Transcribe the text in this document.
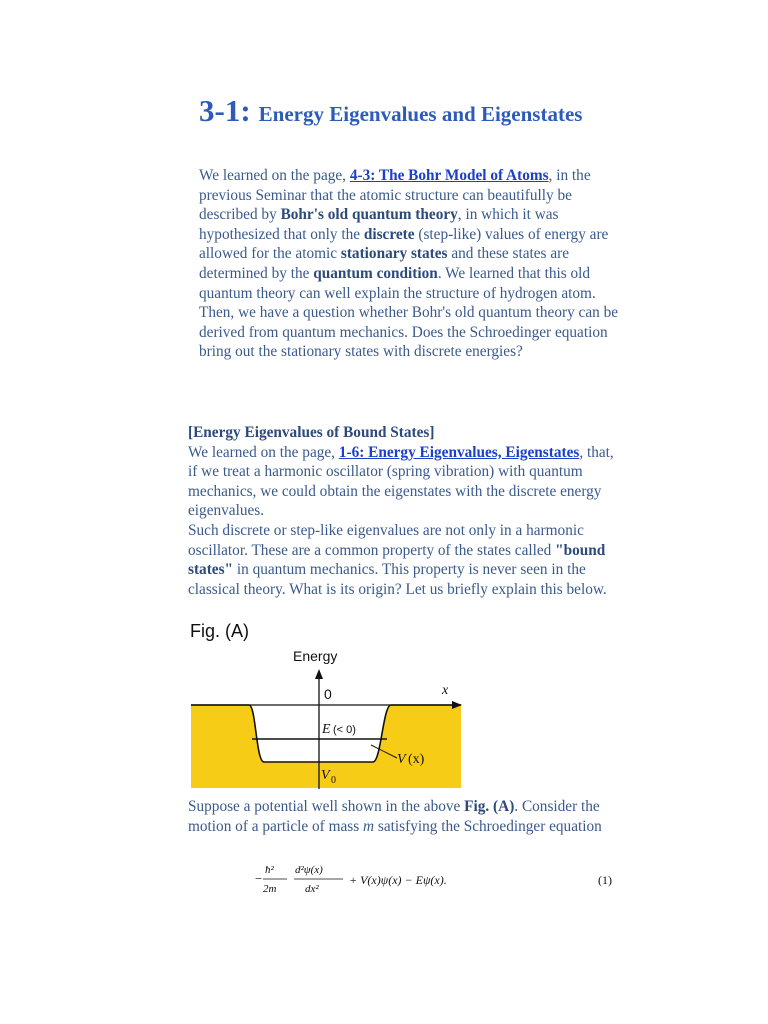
3-1: Energy Eigenvalues and Eigenstates

We learned on the page, 4-3: The Bohr Model of Atoms, in the previous Seminar that the atomic structure can beautifully be described by Bohr's old quantum theory, in which it was hypothesized that only the discrete (step-like) values of energy are allowed for the atomic stationary states and these states are determined by the quantum condition. We learned that this old quantum theory can well explain the structure of hydrogen atom.
Then, we have a question whether Bohr's old quantum theory can be derived from quantum mechanics. Does the Schroedinger equation bring out the stationary states with discrete energies?

[Energy Eigenvalues of Bound States]
We learned on the page, 1-6: Energy Eigenvalues, Eigenstates, that, if we treat a harmonic oscillator (spring vibration) with quantum mechanics, we could obtain the eigenstates with the discrete energy eigenvalues.
Such discrete or step-like eigenvalues are not only in a harmonic oscillator. These are a common property of the states called "bound states" in quantum mechanics. This property is never seen in the classical theory. What is its origin? Let us briefly explain this below.

Fig. (A)
Energy
0	x
E (< 0)
V (x)
V 0

Suppose a potential well shown in the above Fig. (A). Consider the motion of a particle of mass m satisfying the Schroedinger equation

−
ħ²
2m
d²ψ(x)
dx²
+ V(x)ψ(x) − Eψ(x).	(1)
